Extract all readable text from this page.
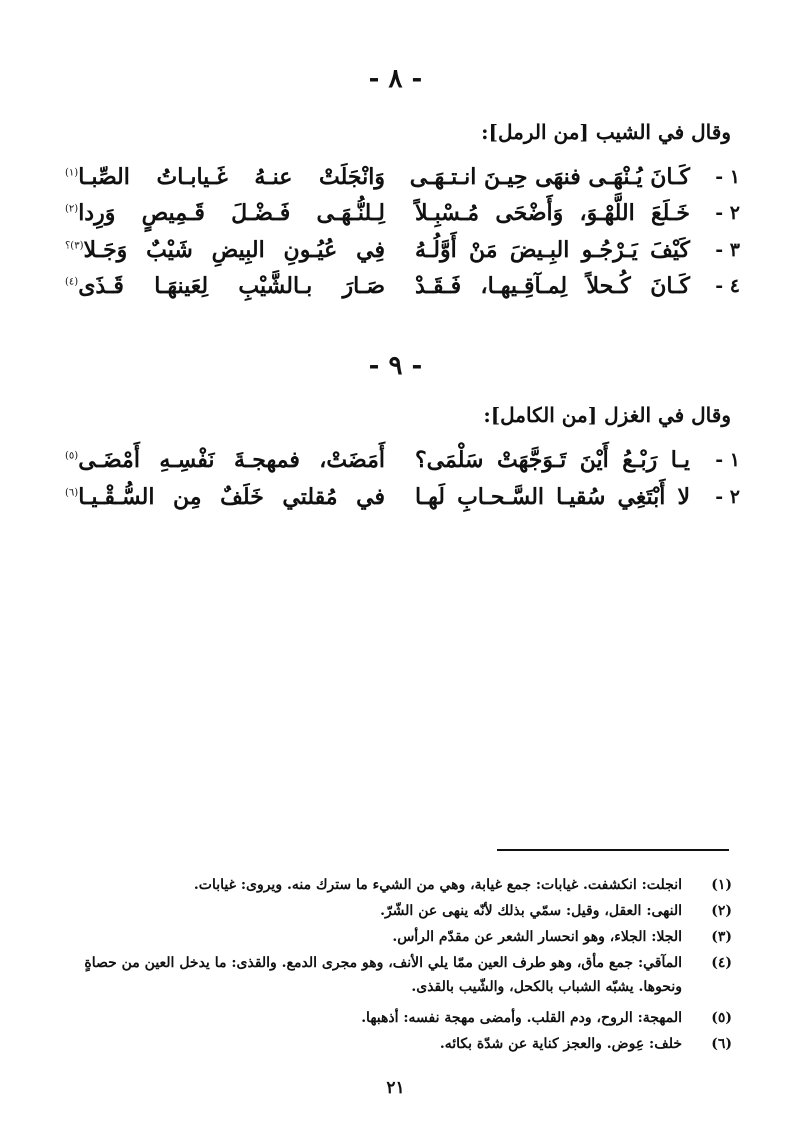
- ٨ -
وقال في الشيب [من الرمل]:
١ -
كَـانَ يُـنْهَـى فنهَى حِيـنَ انـتـهَـى
وَانْجَلَتْ عنـهُ غَـيابـاتُ الصِّبـا$^{(١)}$
٢ -
خَـلَعَ اللَّهْـوَ، وَأَضْحَى مُـسْبِـلاً
لِـلنُّـهَـى فَـضْـلَ قَـمِيصٍ وَرِدا$^{(٢)}$
٣ -
كَيْفَ يَـرْجُـو البِـيضَ مَنْ أَوَّلُـهُ
فِي عُيُـونِ البِيضِ شَيْبٌ وَجَـلا$^{(٣)؟}$
٤ -
كَـانَ كُـحلاً لِمـآقِـيهـا، فَـقَـدْ
صَـارَ بـالشَّيْبِ لِعَينهَـا قَـذَى$^{(٤)}$
- ٩ -
وقال في الغزل [من الكامل]:
١ -
يـا رَبْـعُ أَيْنَ تَـوَجَّهَتْ سَلْمَى؟
أَمَضَتْ، فمهجـةَ نَفْسِـهِ أَمْضَـى$^{(٥)}$
٢ -
لا أَبْتَغِي سُقيـا السَّـحـابِ لَهـا
في مُقلتي خَلَفٌ مِن السُّـقْـيـا$^{(٦)}$
(١)
انجلت: انكشفت. غيابات: جمع غيابة، وهي من الشيء ما سترك منه. ويروى: غيابات.
(٢)
النهى: العقل، وقيل: سمّي بذلك لأنّه ينهى عن الشّرّ.
(٣)
الجلا: الجلاء، وهو انحسار الشعر عن مقدّم الرأس.
(٤)
المآقي: جمع مأق، وهو طرف العين ممّا يلي الأنف، وهو مجرى الدمع. والقذى: ما يدخل العين من حصاةٍ ونحوها. يشبّه الشباب بالكحل، والشّيب بالقذى.
(٥)
المهجة: الروح، ودم القلب. وأمضى مهجة نفسه: أذهبها.
(٦)
خلف: عِوض. والعجز كناية عن شدّة بكائه.
٢١
